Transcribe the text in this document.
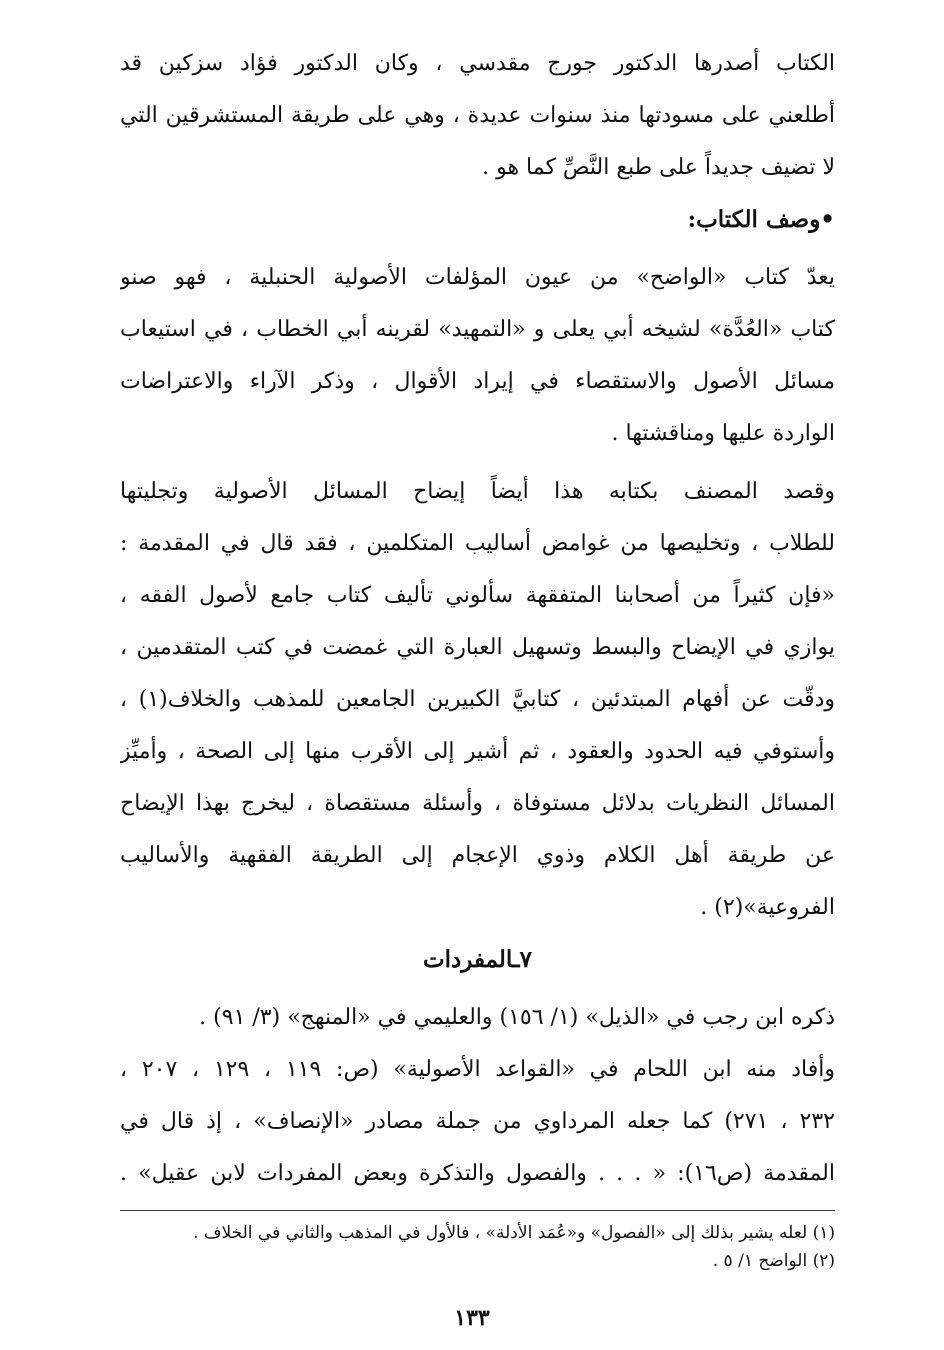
الكتاب أصدرها الدكتور جورج مقدسي ، وكان الدكتور فؤاد سزكين قد
أطلعني على مسودتها منذ سنوات عديدة ، وهي على طريقة المستشرقين التي
لا تضيف جديداً على طبع النَّصِّ كما هو .
•وصف الكتاب:
يعدّ كتاب «الواضح» من عيون المؤلفات الأصولية الحنبلية ، فهو صنو
كتاب «العُدَّة» لشيخه أبي يعلى و «التمهيد» لقرينه أبي الخطاب ، في استيعاب
مسائل الأصول والاستقصاء في إيراد الأقوال ، وذكر الآراء والاعتراضات
الواردة عليها ومناقشتها .
وقصد المصنف بكتابه هذا أيضاً إيضاح المسائل الأصولية وتجليتها
للطلاب ، وتخليصها من غوامض أساليب المتكلمين ، فقد قال في المقدمة :
«فإن كثيراً من أصحابنا المتفقهة سألوني تأليف كتاب جامع لأصول الفقه ،
يوازي في الإيضاح والبسط وتسهيل العبارة التي غمضت في كتب المتقدمين ،
ودقّت عن أفهام المبتدئين ، كتابيَّ الكبيرين الجامعين للمذهب والخلاف(١) ،
وأستوفي فيه الحدود والعقود ، ثم أشير إلى الأقرب منها إلى الصحة ، وأميِّز
المسائل النظريات بدلائل مستوفاة ، وأسئلة مستقصاة ، ليخرج بهذا الإيضاح
عن طريقة أهل الكلام وذوي الإعجام إلى الطريقة الفقهية والأساليب
الفروعية»(٢) .
٧ـالمفردات
ذكره ابن رجب في «الذيل» (١/ ١٥٦) والعليمي في «المنهج» (٣/ ٩١) .
وأفاد منه ابن اللحام في «القواعد الأصولية» (ص: ١١٩ ، ١٢٩ ، ٢٠٧ ،
٢٣٢ ، ٢٧١) كما جعله المرداوي من جملة مصادر «الإنصاف» ، إذ قال في
المقدمة (ص١٦): « . . . والفصول والتذكرة وبعض المفردات لابن عقيل» .
(١) لعله يشير بذلك إلى «الفصول» و«عُمَد الأدلة» ، فالأول في المذهب والثاني في الخلاف .
(٢) الواضح ١/ ٥ .
١٣٣
